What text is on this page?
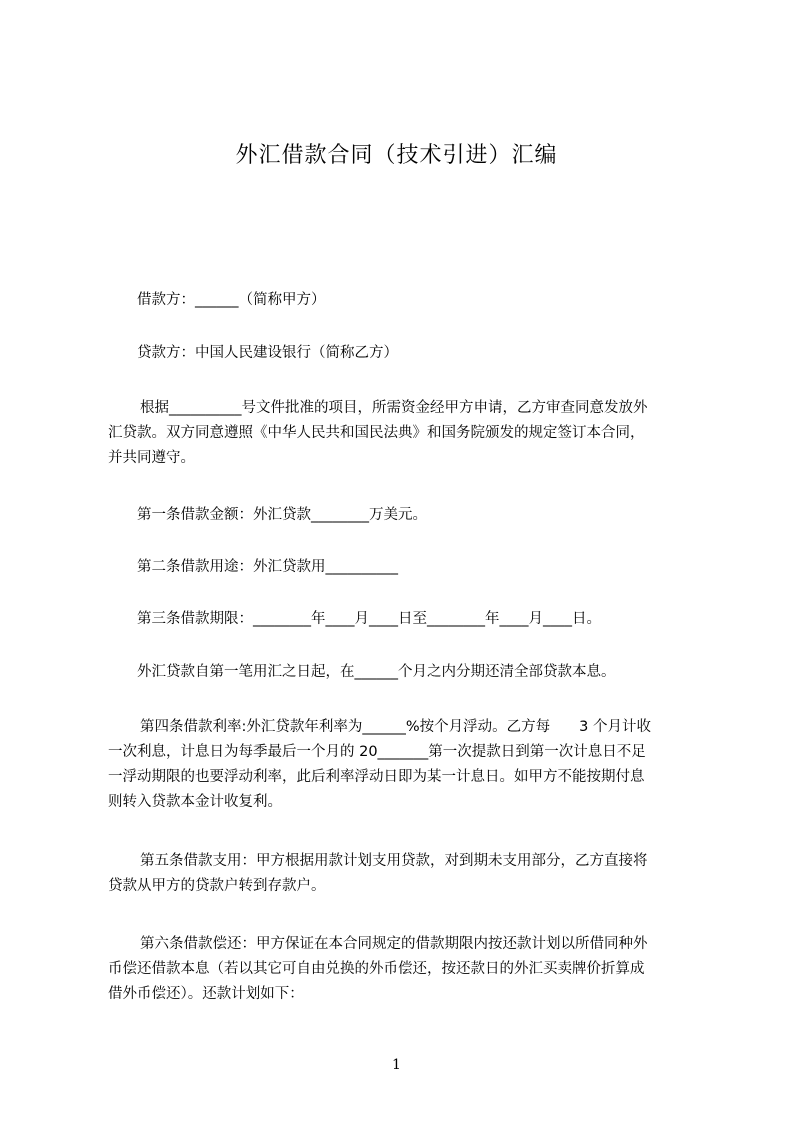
外汇借款合同（技术引进）汇编
借款方：______（简称甲方）
贷款方：中国人民建设银行（简称乙方）
根据__________号文件批准的项目，所需资金经甲方申请，乙方审查同意发放外
汇贷款。双方同意遵照《中华人民共和国民法典》和国务院颁发的规定签订本合同，
并共同遵守。
第一条借款金额：外汇贷款________万美元。
第二条借款用途：外汇贷款用__________
第三条借款期限：________年____月____日至________年____月____日。
外汇贷款自第一笔用汇之日起，在______个月之内分期还清全部贷款本息。
第四条借款利率:外汇贷款年利率为______%按个月浮动。乙方每　　3 个月计收
一次利息，计息日为每季最后一个月的 20_______第一次提款日到第一次计息日不足
一浮动期限的也要浮动利率，此后利率浮动日即为某一计息日。如甲方不能按期付息
则转入贷款本金计收复利。
第五条借款支用：甲方根据用款计划支用贷款，对到期未支用部分，乙方直接将
贷款从甲方的贷款户转到存款户。
第六条借款偿还：甲方保证在本合同规定的借款期限内按还款计划以所借同种外
币偿还借款本息（若以其它可自由兑换的外币偿还，按还款日的外汇买卖牌价折算成
借外币偿还）。还款计划如下：
1
